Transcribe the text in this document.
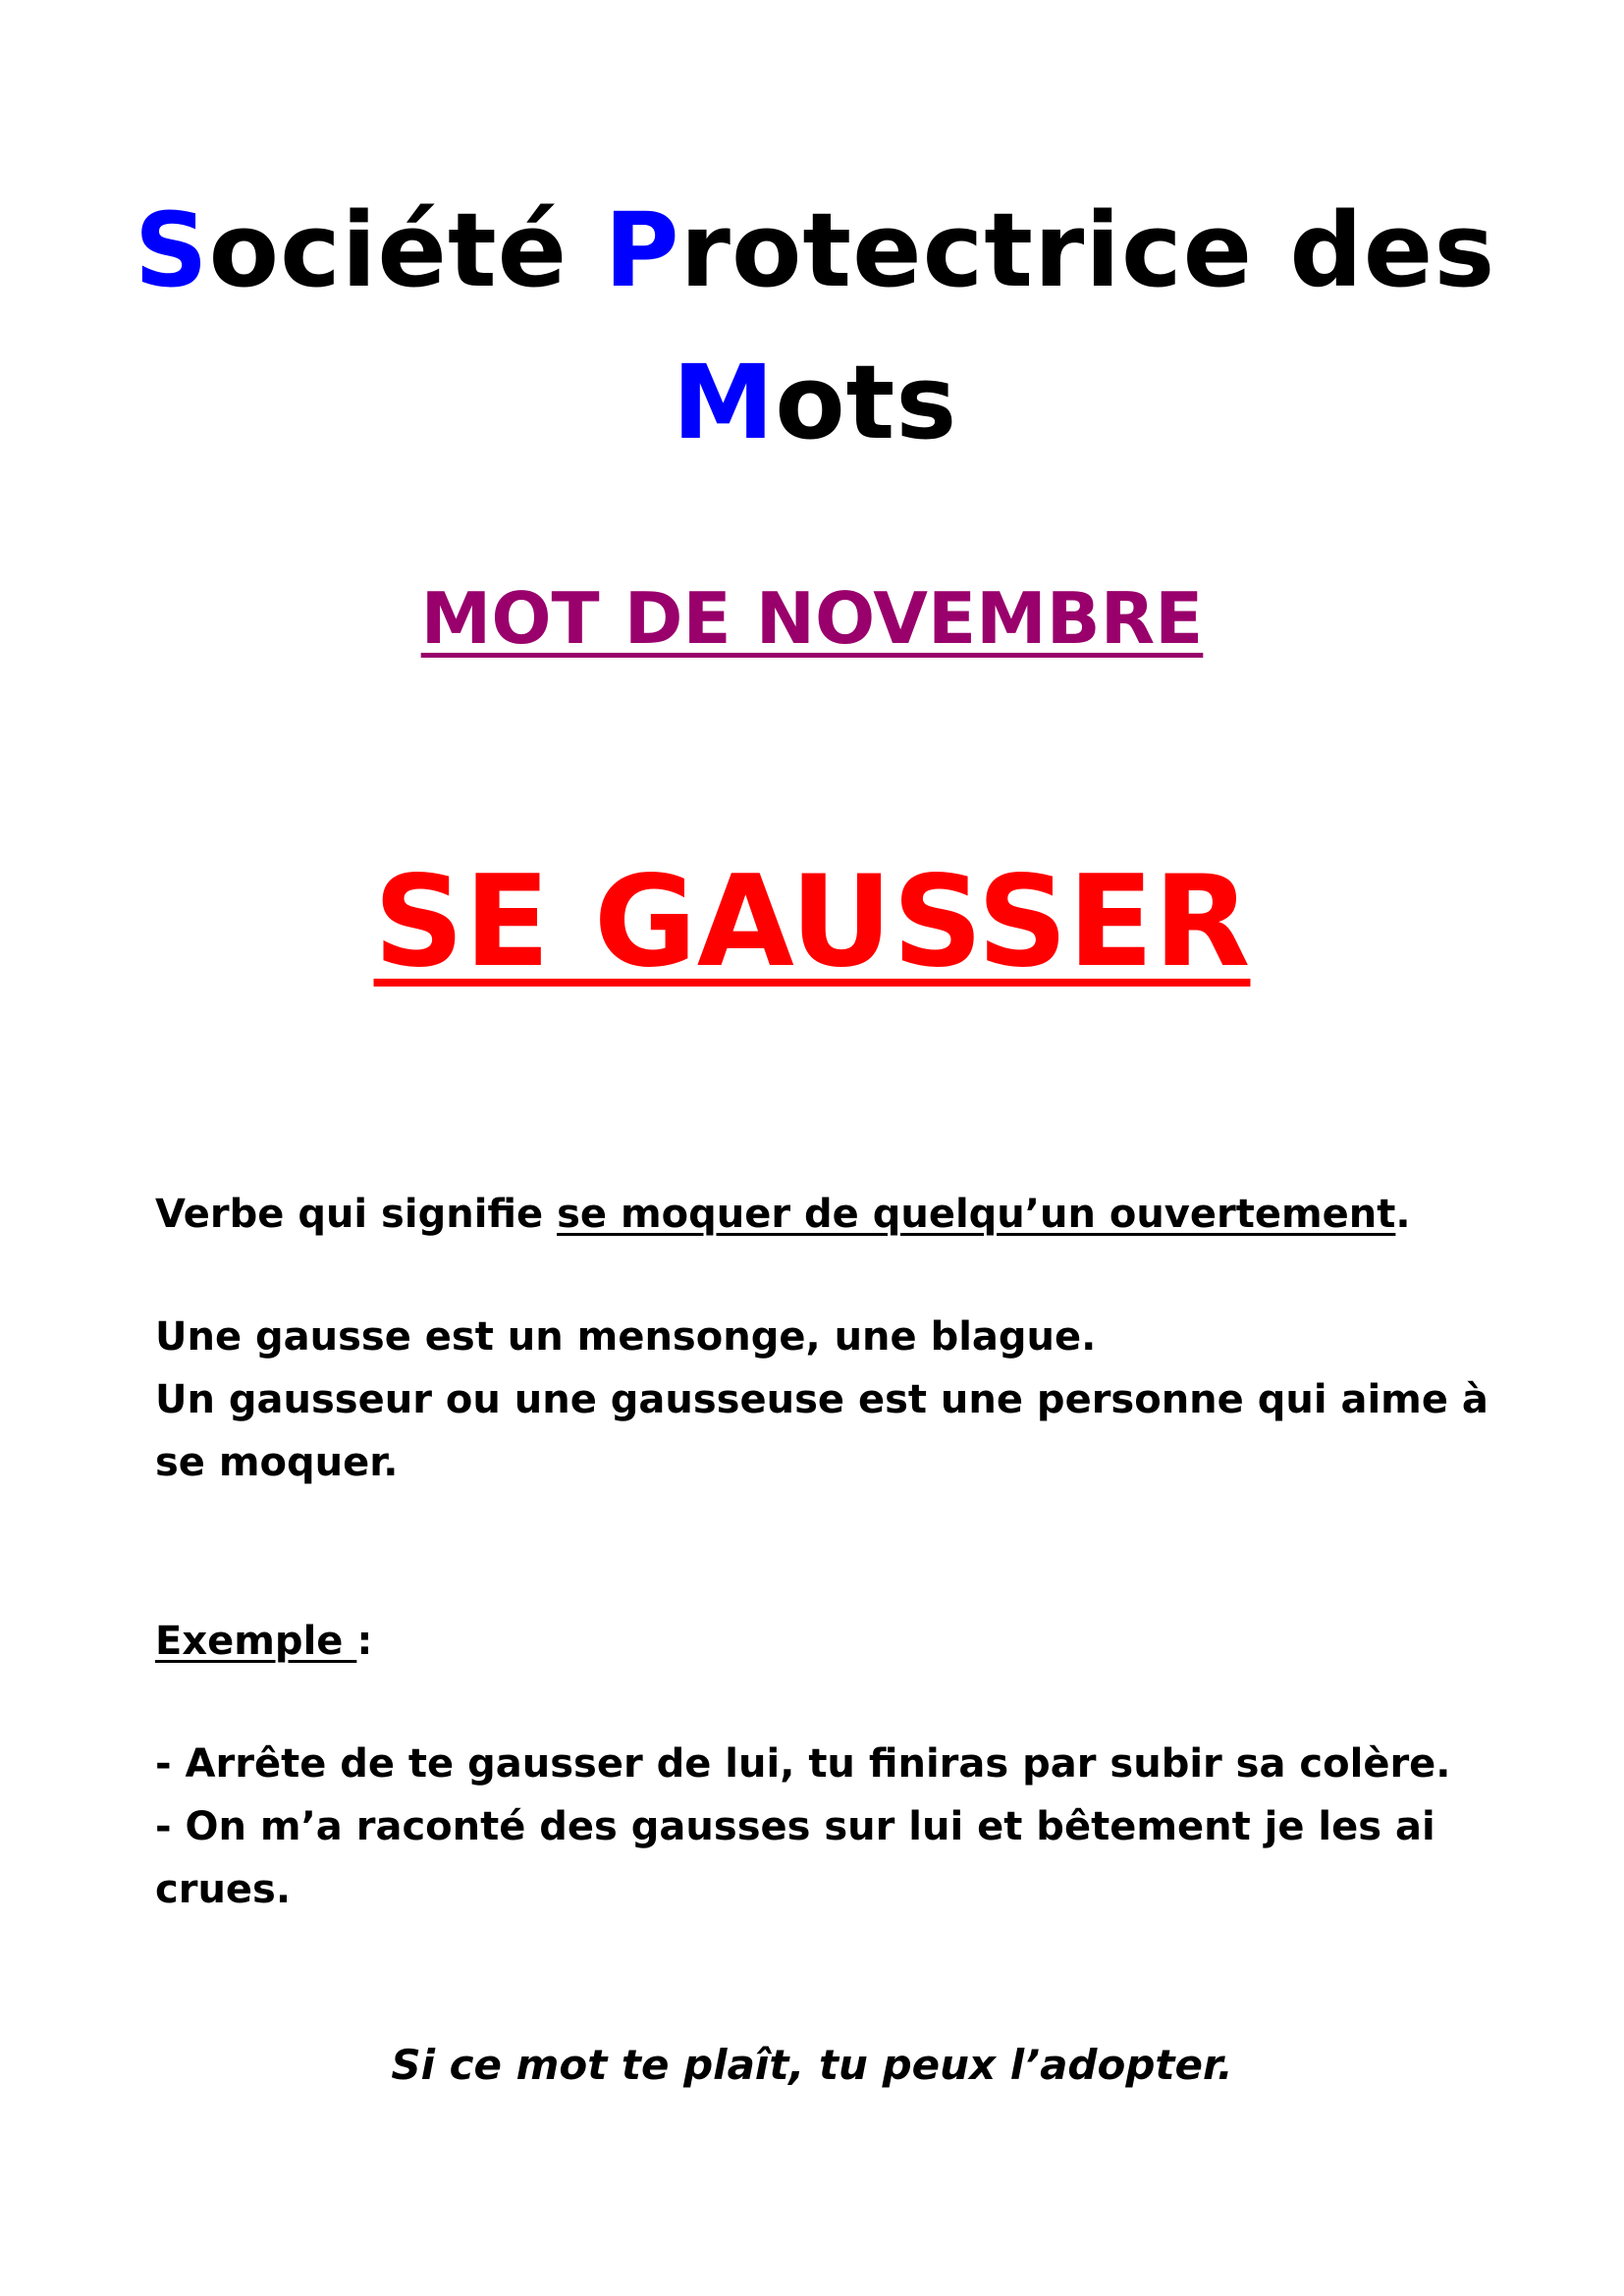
Société Protectrice des
Mots
MOT DE NOVEMBRE
SE GAUSSER

Verbe qui signifie se moquer de quelqu’un ouvertement.

Une gausse est un mensonge, une blague.
Un gausseur ou une gausseuse est une personne qui aime à se moquer.

Exemple :

- Arrête de te gausser de lui, tu finiras par subir sa colère.
- On m’a raconté des gausses sur lui et bêtement je les ai crues.

Si ce mot te plaît, tu peux l’adopter.
